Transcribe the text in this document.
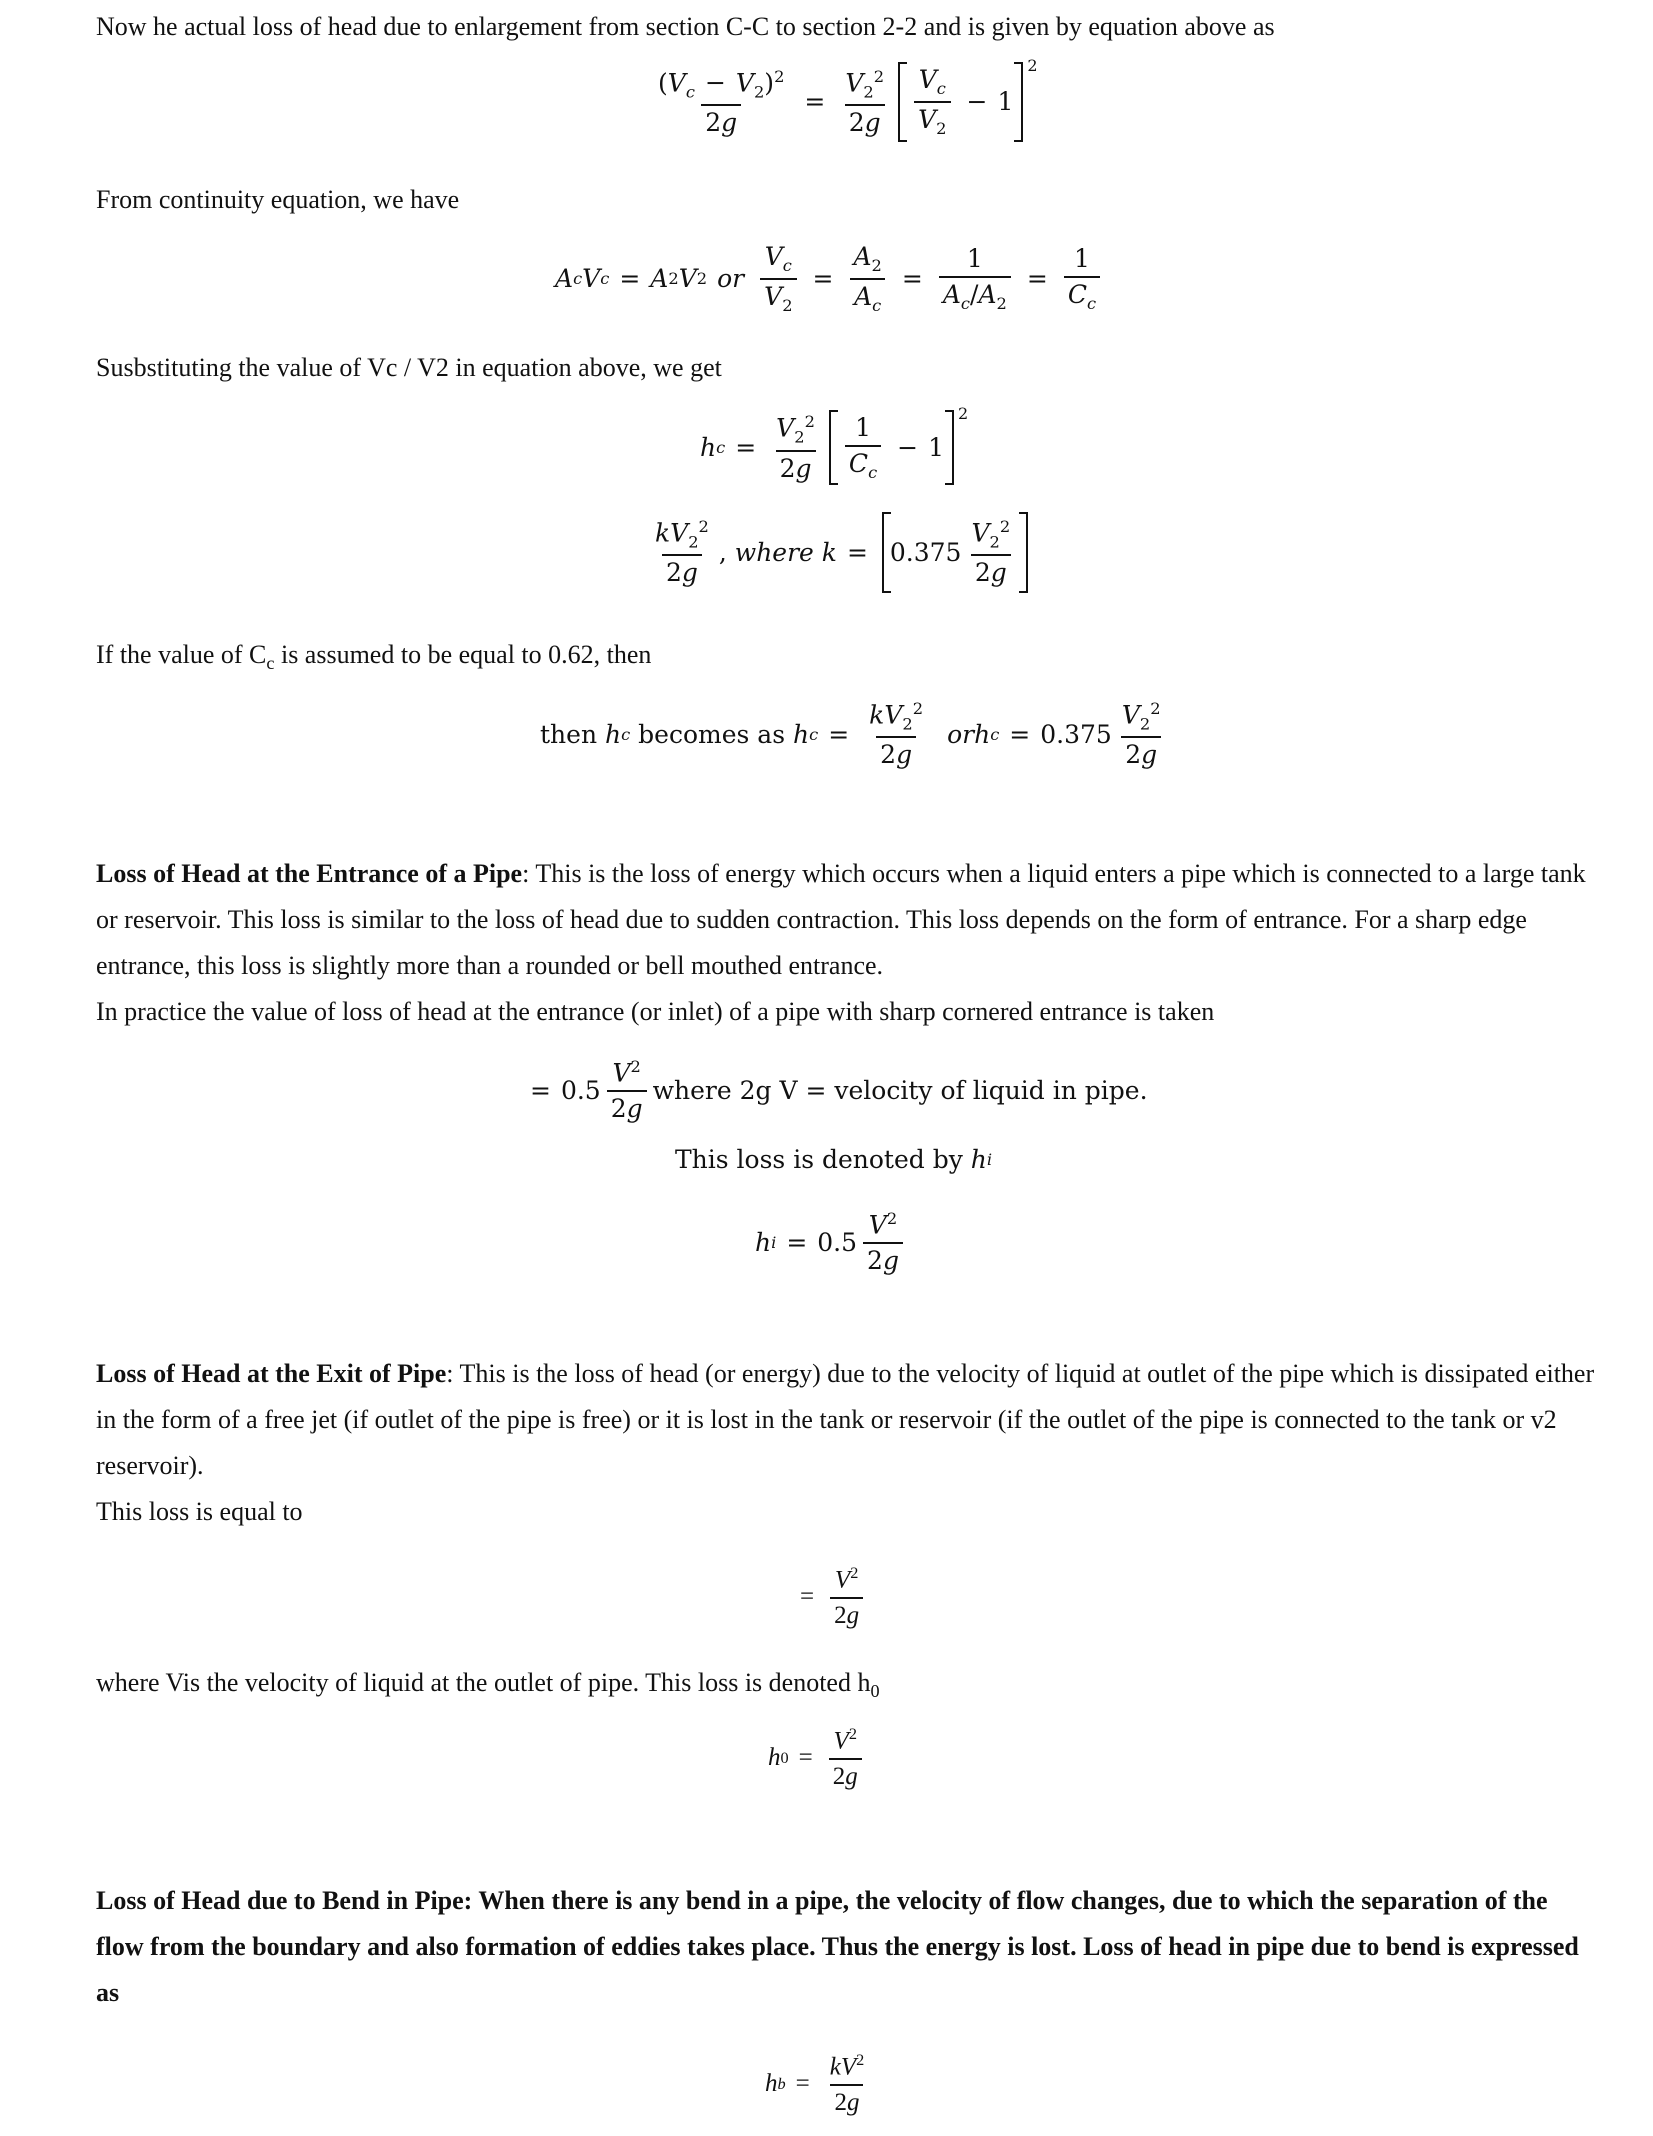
Now he actual loss of head due to enlargement from section C-C to section 2-2 and is given by equation above as
$\frac{(V_c - V_2)^2}{2g} = \frac{V_2^2}{2g} \frac{V_c}{V_2} - 1$
2
From continuity equation, we have
A c V c = A 2 V 2 or $\frac{V_c}{V_2} = \frac{A_2}{A_c} = \frac{1}{A_c/A_2} = \frac{1}{C_c}$
Susbstituting the value of Vc / V2 in equation above, we get
h $c = \frac{V_2^2}{2g} \frac{1}{C_c} - 1$
2
$\frac{kV_2^2}{2g}$ , where $k = 0.375 \frac{V_2^2}{2g}$
If the value of $C_c$ is assumed to be equal to 0.62, then
then
h c
becomes as
h $c = \frac{kV_2^2}{2g}$ or h $c = 0.375 \frac{V_2^2}{2g}$
Loss of Head at the Entrance of a Pipe: This is the loss of energy which occurs when a liquid enters a pipe which is connected to a large tank or reservoir. This loss is similar to the loss of head due to sudden contraction. This loss depends on the form of entrance. For a sharp edge entrance, this loss is slightly more than a rounded or bell mouthed entrance.
In practice the value of loss of head at the entrance (or inlet) of a pipe with sharp cornered entrance is taken
= $0.5 \frac{V^2}{2g}$ where 2g V = velocity of liquid in pipe.
This loss is denoted by
h i
h $i = 0.5 \frac{V^2}{2g}$
Loss of Head at the Exit of Pipe: This is the loss of head (or energy) due to the velocity of liquid at outlet of the pipe which is dissipated either in the form of a free jet (if outlet of the pipe is free) or it is lost in the tank or reservoir (if the outlet of the pipe is connected to the tank or v2 reservoir).
This loss is equal to
= $\frac{V^2}{2g}$
where Vis the velocity of liquid at the outlet of pipe. This loss is denoted $h_0$
h $0 = \frac{V^2}{2g}$
Loss of Head due to Bend in Pipe: When there is any bend in a pipe, the velocity of flow changes, due to which the separation of the flow from the boundary and also formation of eddies takes place. Thus the energy is lost. Loss of head in pipe due to bend is expressed as
h $b = \frac{kV^2}{2g}$
